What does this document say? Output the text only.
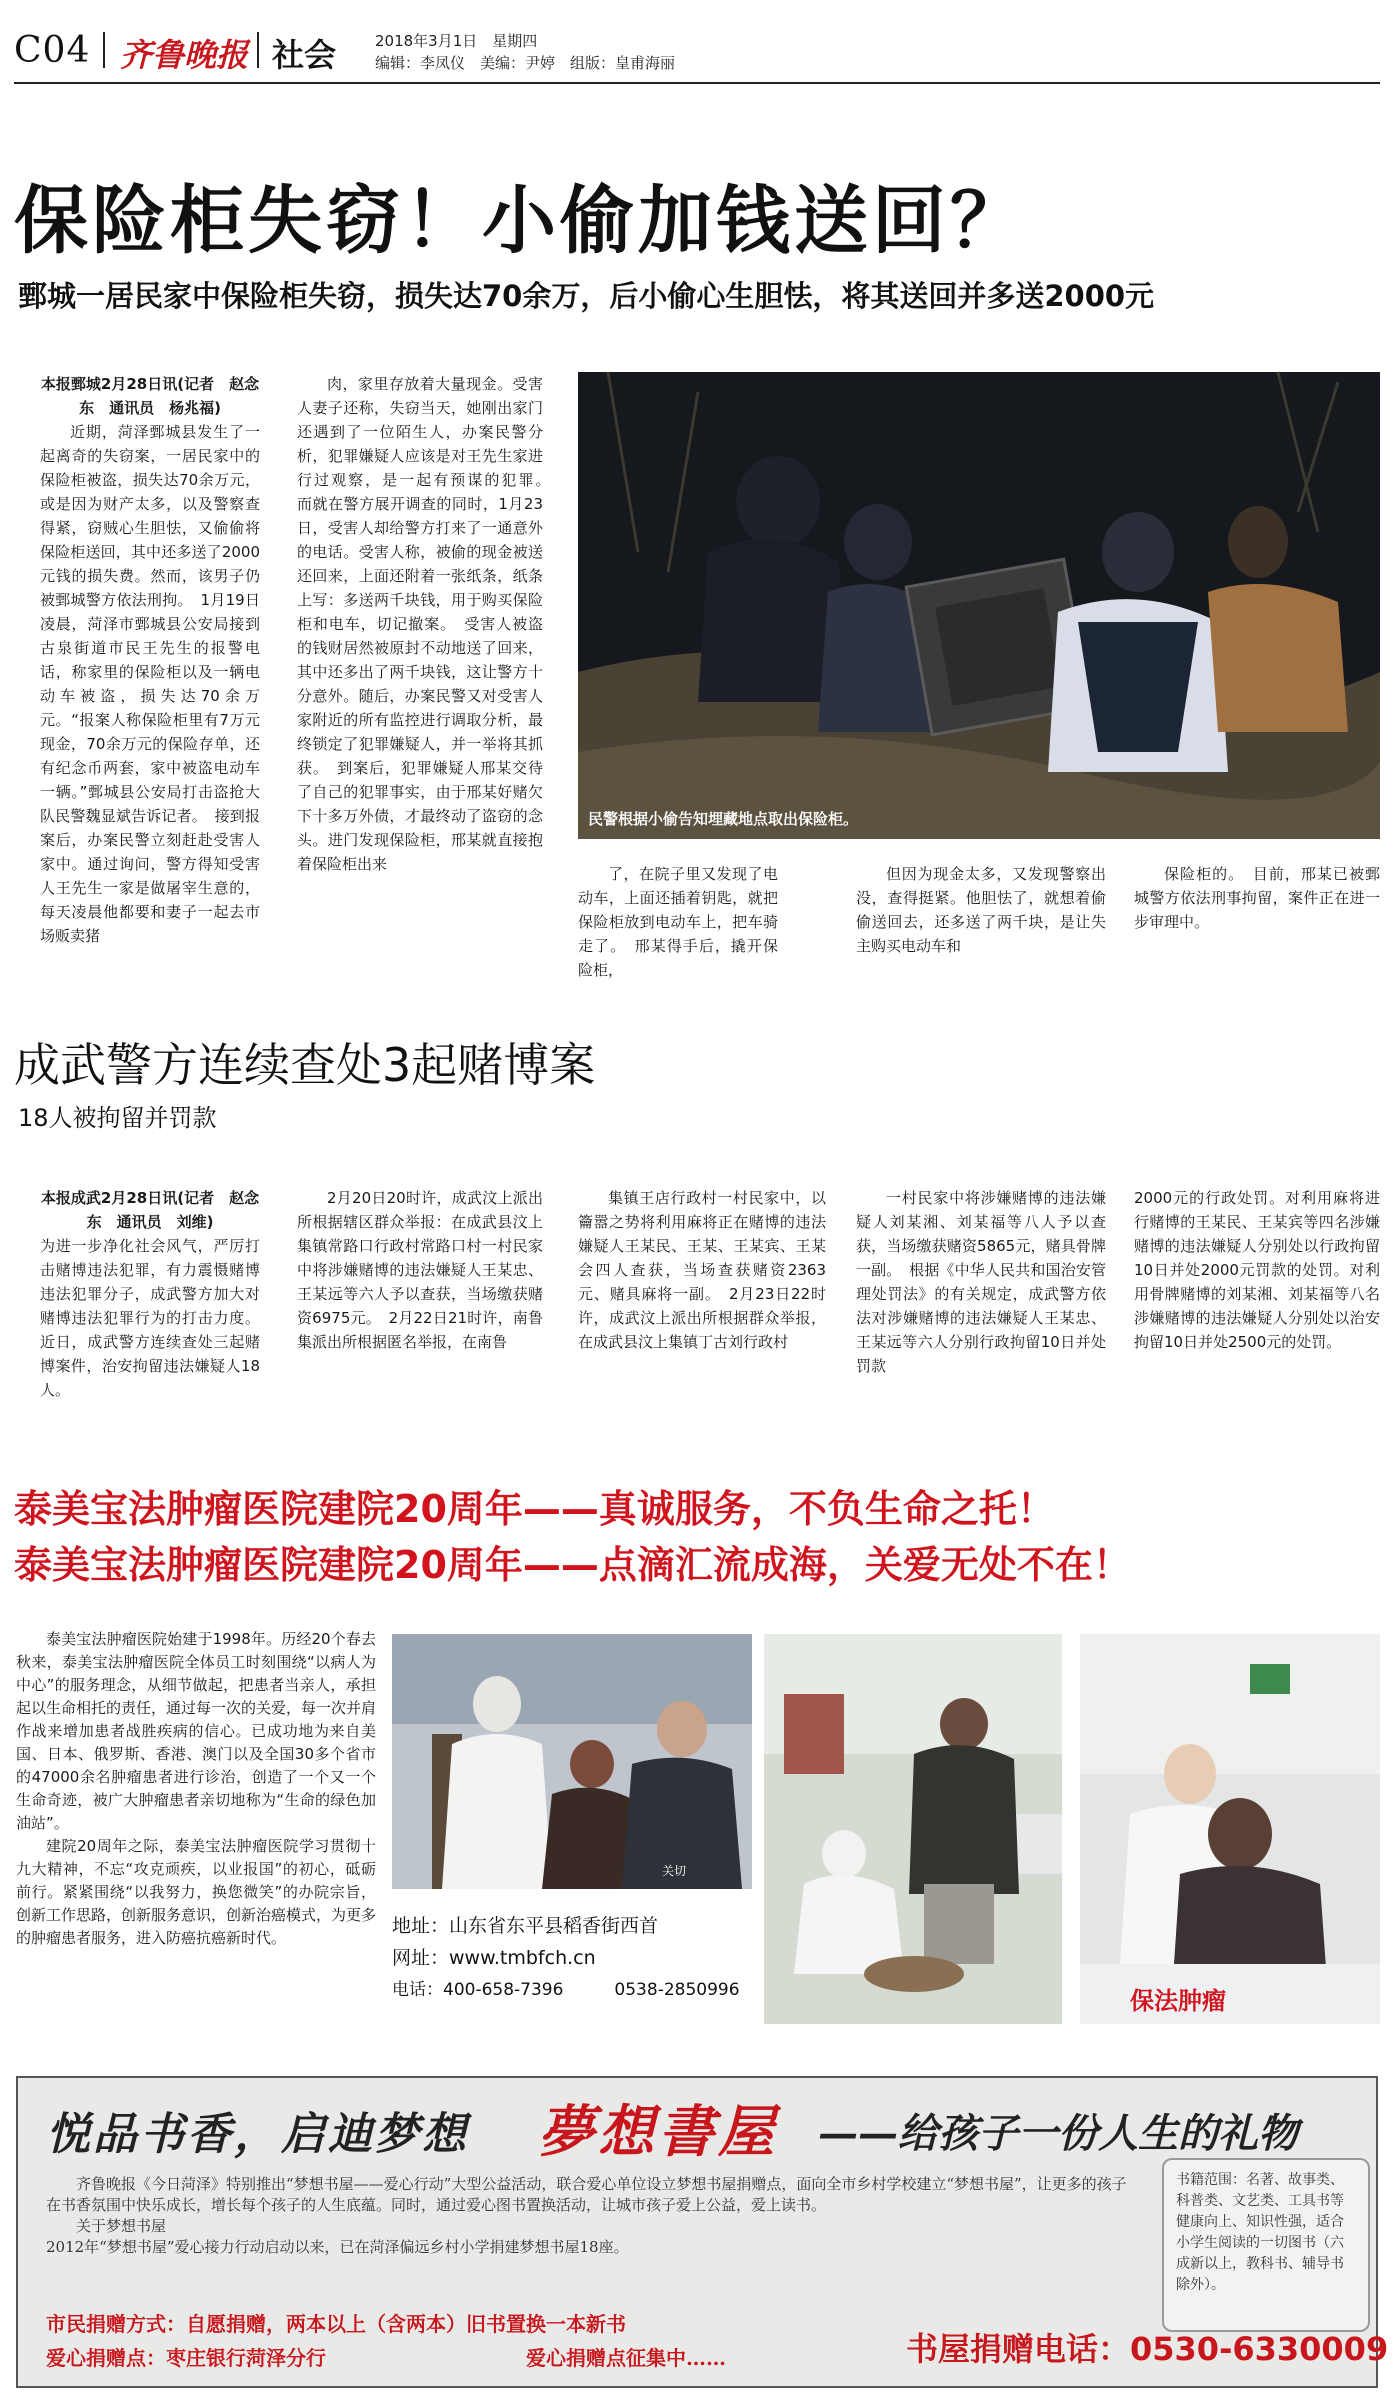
C04 齐鲁晚报 社会	2018年3月1日　星期四
编辑：李凤仪　美编：尹婷　组版：皇甫海丽
保险柜失窃！小偷加钱送回？
鄄城一居民家中保险柜失窃，损失达70余万，后小偷心生胆怯，将其送回并多送2000元
本报鄄城2月28日讯(记者　赵念东　通讯员　杨兆福)

近期，菏泽鄄城县发生了一起离奇的失窃案，一居民家中的保险柜被盗，损失达70余万元，或是因为财产太多，以及警察查得紧，窃贼心生胆怯，又偷偷将保险柜送回，其中还多送了2000元钱的损失费。然而，该男子仍被鄄城警方依法刑拘。　1月19日凌晨，菏泽市鄄城县公安局接到古泉街道市民王先生的报警电话，称家里的保险柜以及一辆电动车被盗，损失达70余万元。“报案人称保险柜里有7万元现金，70余万元的保险存单，还有纪念币两套，家中被盗电动车一辆。”鄄城县公安局打击盗抢大队民警魏显斌告诉记者。　接到报案后，办案民警立刻赶赴受害人家中。通过询问，警方得知受害人王先生一家是做屠宰生意的，每天凌晨他都要和妻子一起去市场贩卖猪

肉，家里存放着大量现金。受害人妻子还称，失窃当天，她刚出家门还遇到了一位陌生人，办案民警分析，犯罪嫌疑人应该是对王先生家进行过观察，是一起有预谋的犯罪。　而就在警方展开调查的同时，1月23日，受害人却给警方打来了一通意外的电话。受害人称，被偷的现金被送还回来，上面还附着一张纸条，纸条上写：多送两千块钱，用于购买保险柜和电车，切记撤案。　受害人被盗的钱财居然被原封不动地送了回来，其中还多出了两千块钱，这让警方十分意外。随后，办案民警又对受害人家附近的所有监控进行调取分析，最终锁定了犯罪嫌疑人，并一举将其抓获。　到案后，犯罪嫌疑人邢某交待了自己的犯罪事实，由于邢某好赌欠下十多万外债，才最终动了盗窃的念头。进门发现保险柜，邢某就直接抱着保险柜出来

民警根据小偷告知埋藏地点取出保险柜。

了，在院子里又发现了电动车，上面还插着钥匙，就把保险柜放到电动车上，把车骑走了。　邢某得手后，撬开保险柜，

但因为现金太多，又发现警察出没，查得挺紧。他胆怯了，就想着偷偷送回去，还多送了两千块，是让失主购买电动车和

保险柜的。　目前，邢某已被鄄城警方依法刑事拘留，案件正在进一步审理中。

成武警方连续查处3起赌博案
18人被拘留并罚款
本报成武2月28日讯(记者　赵念东　通讯员　刘维)

为进一步净化社会风气，严厉打击赌博违法犯罪，有力震慑赌博违法犯罪分子，成武警方加大对赌博违法犯罪行为的打击力度。近日，成武警方连续查处三起赌博案件，治安拘留违法嫌疑人18人。

2月20日20时许，成武汶上派出所根据辖区群众举报：在成武县汶上集镇常路口行政村常路口村一村民家中将涉嫌赌博的违法嫌疑人王某忠、王某远等六人予以查获，当场缴获赌资6975元。　2月22日21时许，南鲁集派出所根据匿名举报，在南鲁

集镇王店行政村一村民家中，以籥嚣之势将利用麻将正在赌博的违法嫌疑人王某民、王某、王某宾、王某会四人查获，当场查获赌资2363元、赌具麻将一副。　2月23日22时许，成武汶上派出所根据群众举报，在成武县汶上集镇丁古刘行政村

一村民家中将涉嫌赌博的违法嫌疑人刘某湘、刘某福等八人予以查获，当场缴获赌资5865元，赌具骨牌一副。　根据《中华人民共和国治安管理处罚法》的有关规定，成武警方依法对涉嫌赌博的违法嫌疑人王某忠、王某远等六人分别行政拘留10日并处罚款

2000元的行政处罚。对利用麻将进行赌博的王某民、王某宾等四名涉嫌赌博的违法嫌疑人分别处以行政拘留10日并处2000元罚款的处罚。对利用骨牌赌博的刘某湘、刘某福等八名涉嫌赌博的违法嫌疑人分别处以治安拘留10日并处2500元的处罚。

泰美宝法肿瘤医院建院20周年——真诚服务，不负生命之托！
泰美宝法肿瘤医院建院20周年——点滴汇流成海，关爱无处不在！

泰美宝法肿瘤医院始建于1998年。历经20个春去秋来，泰美宝法肿瘤医院全体员工时刻围绕“以病人为中心”的服务理念，从细节做起，把患者当亲人，承担起以生命相托的责任，通过每一次的关爱，每一次并肩作战来增加患者战胜疾病的信心。已成功地为来自美国、日本、俄罗斯、香港、澳门以及全国30多个省市的47000余名肿瘤患者进行诊治，创造了一个又一个生命奇迹，被广大肿瘤患者亲切地称为“生命的绿色加油站”。

建院20周年之际，泰美宝法肿瘤医院学习贯彻十九大精神，不忘“攻克顽疾，以业报国”的初心，砥砺前行。紧紧围绕“以我努力，换您微笑”的办院宗旨，创新工作思路，创新服务意识，创新治癌模式，为更多的肿瘤患者服务，进入防癌抗癌新时代。

关切
保法肿瘤
地址：山东省东平县稻香街西首
网址：www.tmbfch.cn
电话：400-658-7396　　　0538-2850996
悦品书香，启迪梦想 夢想書屋 ——给孩子一份人生的礼物

齐鲁晚报《今日菏泽》特别推出“梦想书屋——爱心行动”大型公益活动，联合爱心单位设立梦想书屋捐赠点，面向全市乡村学校建立“梦想书屋”，让更多的孩子在书香氛围中快乐成长，增长每个孩子的人生底蕴。同时，通过爱心图书置换活动，让城市孩子爱上公益，爱上读书。

关于梦想书屋

2012年“梦想书屋”爱心接力行动启动以来，已在菏泽偏远乡村小学捐建梦想书屋18座。

书籍范围：名著、故事类、科普类、文艺类、工具书等健康向上、知识性强，适合小学生阅读的一切图书（六成新以上，教科书、辅导书除外）。
市民捐赠方式：自愿捐赠，两本以上（含两本）旧书置换一本新书
爱心捐赠点：枣庄银行菏泽分行	爱心捐赠点征集中……	书屋捐赠电话：0530-6330009
